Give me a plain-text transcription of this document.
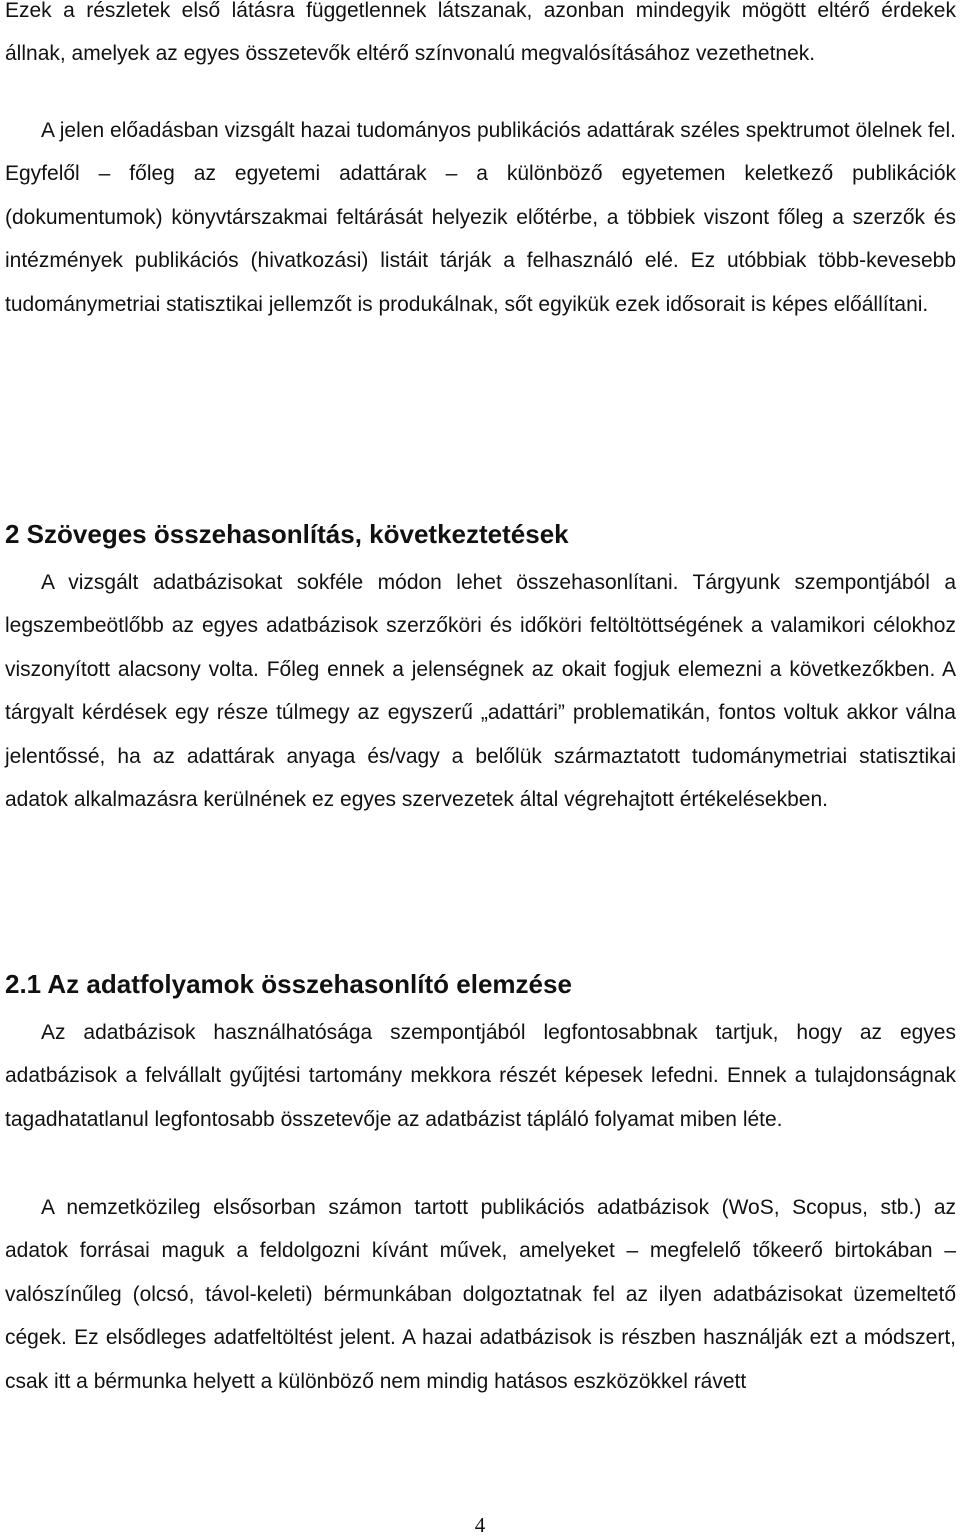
Ezek a részletek első látásra függetlennek látszanak, azonban mindegyik mögött eltérő érdekek állnak, amelyek az egyes összetevők eltérő színvonalú megvalósításához vezethetnek.

A jelen előadásban vizsgált hazai tudományos publikációs adattárak széles spektrumot ölelnek fel. Egyfelől – főleg az egyetemi adattárak – a különböző egyetemen keletkező publikációk (dokumentumok) könyvtárszakmai feltárását helyezik előtérbe, a többiek viszont főleg a szerzők és intézmények publikációs (hivatkozási) listáit tárják a felhasználó elé. Ez utóbbiak több-kevesebb tudománymetriai statisztikai jellemzőt is produkálnak, sőt egyikük ezek idősorait is képes előállítani.

2 Szöveges összehasonlítás, következtetések

A vizsgált adatbázisokat sokféle módon lehet összehasonlítani. Tárgyunk szempontjából a legszembeötlőbb az egyes adatbázisok szerzőköri és időköri feltöltöttségének a valamikori célokhoz viszonyított alacsony volta. Főleg ennek a jelenségnek az okait fogjuk elemezni a következőkben. A tárgyalt kérdések egy része túlmegy az egyszerű „adattári” problematikán, fontos voltuk akkor válna jelentőssé, ha az adattárak anyaga és/vagy a belőlük származtatott tudománymetriai statisztikai adatok alkalmazásra kerülnének ez egyes szervezetek által végrehajtott értékelésekben.

2.1 Az adatfolyamok összehasonlító elemzése

Az adatbázisok használhatósága szempontjából legfontosabbnak tartjuk, hogy az egyes adatbázisok a felvállalt gyűjtési tartomány mekkora részét képesek lefedni. Ennek a tulajdonságnak tagadhatatlanul legfontosabb összetevője az adatbázist tápláló folyamat miben léte.

A nemzetközileg elsősorban számon tartott publikációs adatbázisok (WoS, Scopus, stb.) az adatok forrásai maguk a feldolgozni kívánt művek, amelyeket – megfelelő tőkeerő birtokában – valószínűleg (olcsó, távol-keleti) bérmunkában dolgoztatnak fel az ilyen adatbázisokat üzemeltető cégek. Ez elsődleges adatfeltöltést jelent. A hazai adatbázisok is részben használják ezt a módszert, csak itt a bérmunka helyett a különböző nem mindig hatásos eszközökkel rávett

4
